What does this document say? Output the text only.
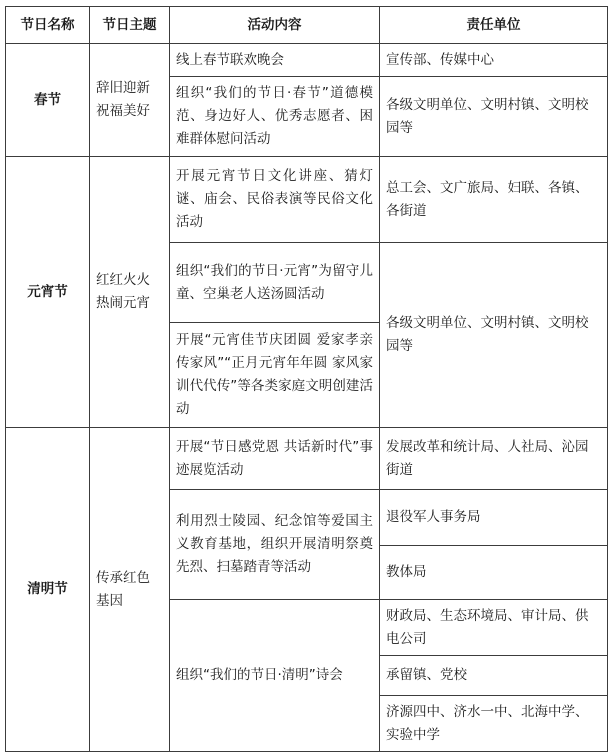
节日名称	节日主题	活动内容	责任单位
春节	辞旧迎新祝福美好	线上春节联欢晚会	宣传部、传媒中心
		组织“我们的节日·春节”道德模范、身边好人、优秀志愿者、困难群体慰问活动	各级文明单位、文明村镇、文明校园等
元宵节	红红火火热闹元宵	开展元宵节日文化讲座、猜灯谜、庙会、民俗表演等民俗文化活动	总工会、文广旅局、妇联、各镇、各街道
		组织“我们的节日·元宵”为留守儿童、空巢老人送汤圆活动	各级文明单位、文明村镇、文明校园等
		开展“元宵佳节庆团圆 爱家孝亲传家风”“正月元宵年年圆 家风家训代代传”等各类家庭文明创建活动	
清明节	传承红色基因	开展“节日感党恩 共话新时代”事迹展览活动	发展改革和统计局、人社局、沁园街道
		利用烈士陵园、纪念馆等爱国主义教育基地，组织开展清明祭奠先烈、扫墓踏青等活动	退役军人事务局
			教体局
		组织“我们的节日·清明”诗会	财政局、生态环境局、审计局、供电公司
			承留镇、党校
			济源四中、济水一中、北海中学、实验中学
